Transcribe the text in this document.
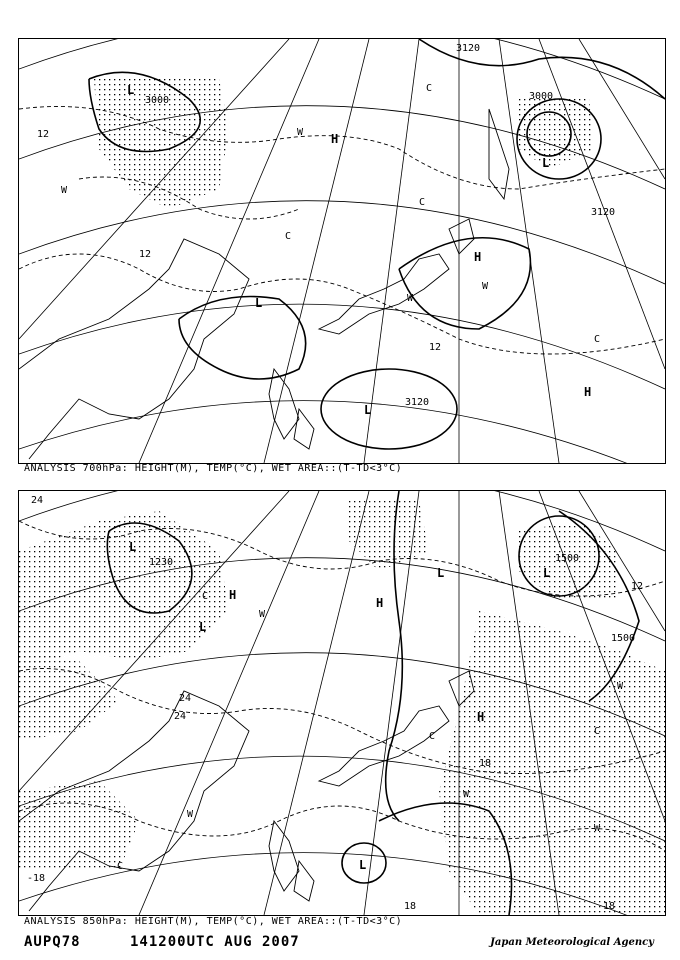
L
L
H
H
H
L
L
W
W
C
C
C
C
W
W
3000
3120
3000
3120
3120
12
12
12
ANALYSIS 700hPa: HEIGHT(M), TEMP(°C), WET AREA::(T-TD<3°C)
L
L
H
H
L
H
L
L
W
W
W
C
C	C
W
W
C
1230	1500
1500
24
24
24
18
18	18
12
-18
ANALYSIS 850hPa: HEIGHT(M), TEMP(°C), WET AREA::(T-TD<3°C)
AUPQ78	141200UTC AUG 2007	Japan Meteorological Agency
